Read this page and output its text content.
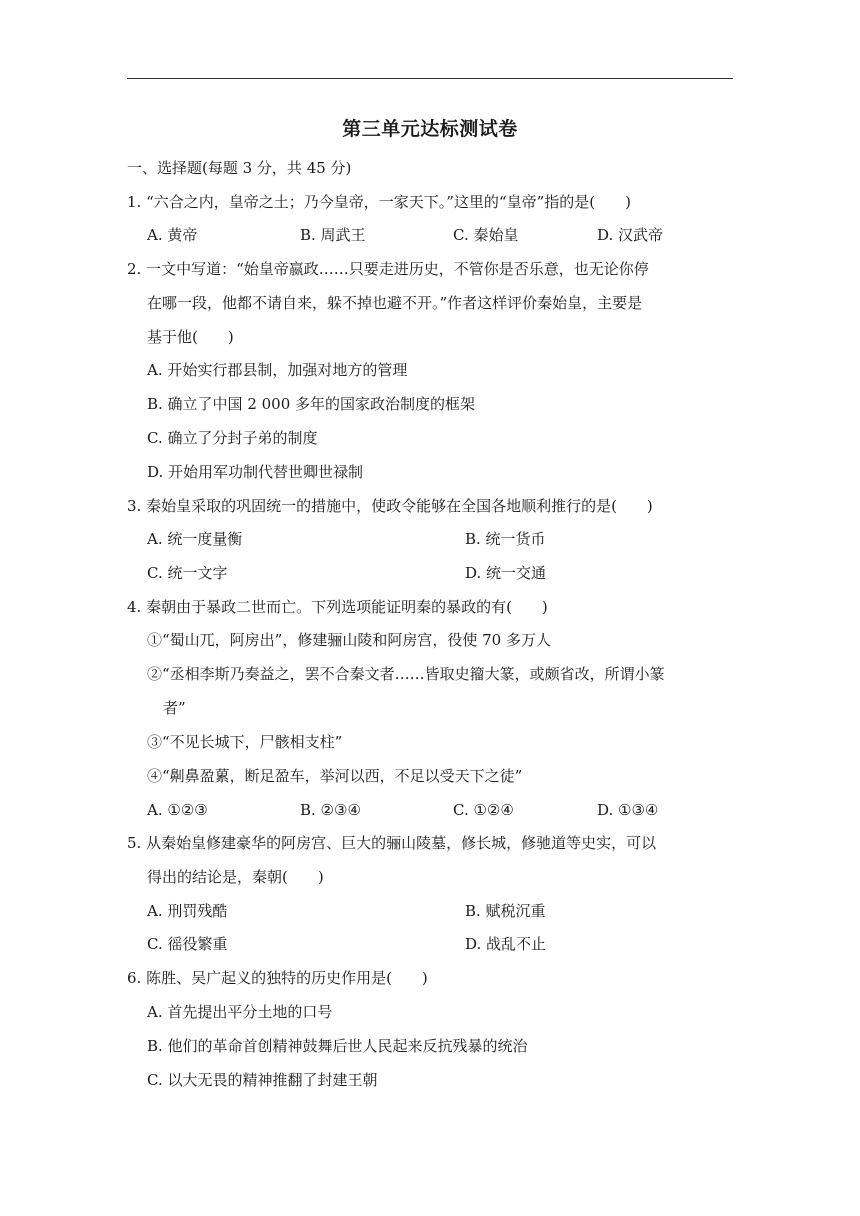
第三单元达标测试卷
一、选择题(每题 3 分，共 45 分)
1. “六合之内，皇帝之土；乃今皇帝，一家天下。”这里的“皇帝”指的是(　　)
A. 黄帝	B. 周武王	C. 秦始皇	D. 汉武帝
2. 一文中写道：“始皇帝嬴政……只要走进历史，不管你是否乐意，也无论你停
在哪一段，他都不请自来，躲不掉也避不开。”作者这样评价秦始皇，主要是
基于他(　　)
A. 开始实行郡县制，加强对地方的管理
B. 确立了中国 2 000 多年的国家政治制度的框架
C. 确立了分封子弟的制度
D. 开始用军功制代替世卿世禄制
3. 秦始皇采取的巩固统一的措施中，使政令能够在全国各地顺利推行的是(　　)
A. 统一度量衡	B. 统一货币
C. 统一文字	D. 统一交通
4. 秦朝由于暴政二世而亡。下列选项能证明秦的暴政的有(　　)
①“蜀山兀，阿房出”，修建骊山陵和阿房宫，役使 70 多万人
②“丞相李斯乃奏益之，罢不合秦文者……皆取史籀大篆，或颇省改，所谓小篆
者”
③“不见长城下，尸骸相支柱”
④“劓鼻盈蔂，断足盈车，举河以西，不足以受天下之徒”
A. ①②③	B. ②③④	C. ①②④	D. ①③④
5. 从秦始皇修建豪华的阿房宫、巨大的骊山陵墓，修长城，修驰道等史实，可以
得出的结论是，秦朝(　　)
A. 刑罚残酷	B. 赋税沉重
C. 徭役繁重	D. 战乱不止
6. 陈胜、吴广起义的独特的历史作用是(　　)
A. 首先提出平分土地的口号
B. 他们的革命首创精神鼓舞后世人民起来反抗残暴的统治
C. 以大无畏的精神推翻了封建王朝
